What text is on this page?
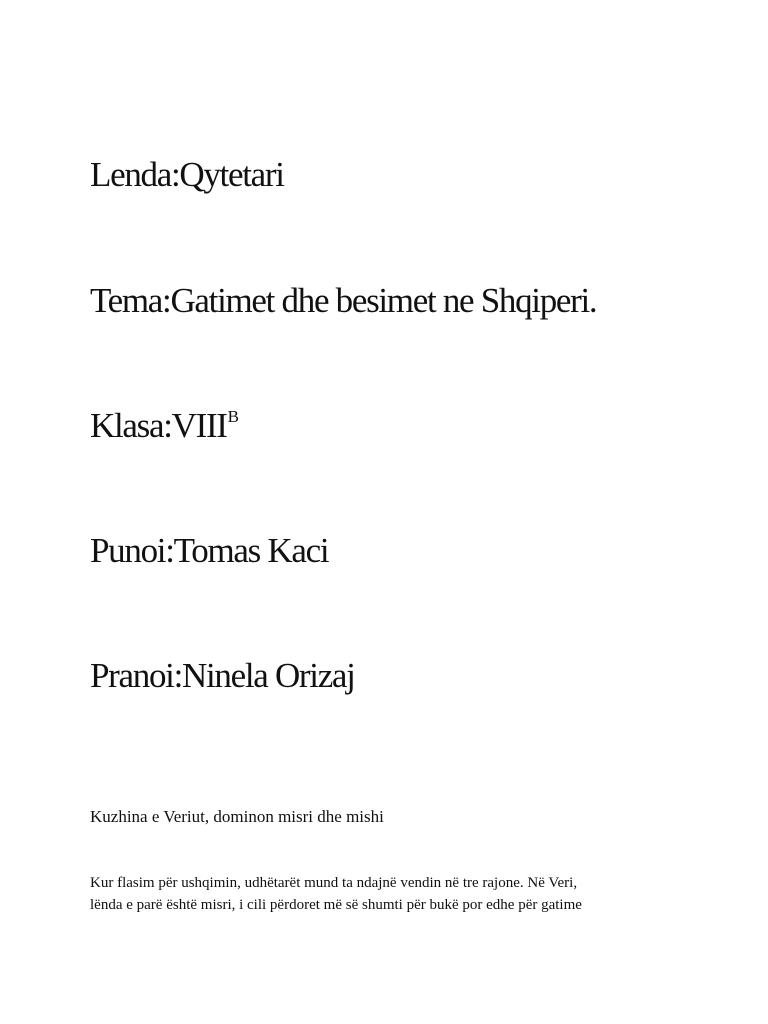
Lenda:Qytetari

Tema:Gatimet dhe besimet ne Shqiperi.

$Klasa:VIII^B$

Punoi:Tomas Kaci

Pranoi:Ninela Orizaj

Kuzhina e Veriut, dominon misri dhe mishi

Kur flasim për ushqimin, udhëtarët mund ta ndajnë vendin në tre rajone. Në Veri,
lënda e parë është misri, i cili përdoret më së shumti për bukë por edhe për gatime
